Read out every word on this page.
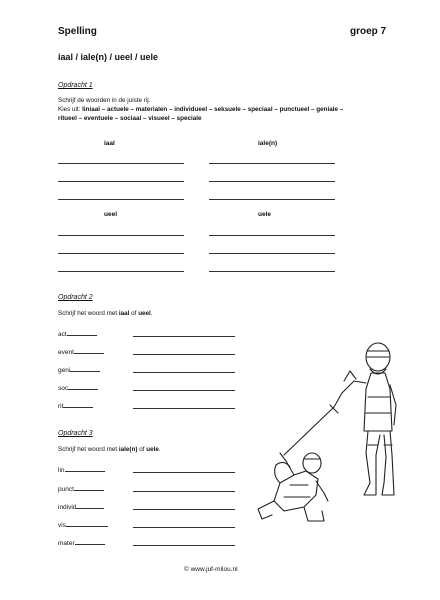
Spelling	groep 7
iaal / iale(n) / ueel / uele
Opdracht 1
Schrijf de woorden in de juiste rij.
Kies uit: liniaal – actuele – materialen – individueel – seksuele – speciaal – punctueel – geniale –
ritueel – eventuele – sociaal – visueel – speciale
iaal	iale(n)
ueel	uele
Opdracht 2
Schrijf het woord met iaal of ueel.
act
event
geni
soc
rit
Opdracht 3
Schrijf het woord met iale(n) of uele.
lin
punct
individ
vis
mater
© www.juf-milou.nl
